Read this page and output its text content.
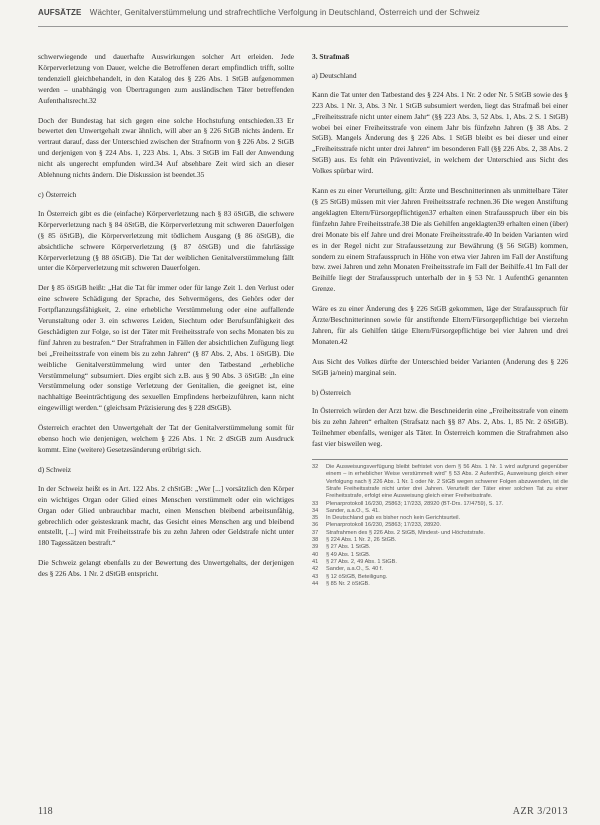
AUFSÄTZE Wächter, Genitalverstümmelung und strafrechtliche Verfolgung in Deutschland, Österreich und der Schweiz

schwerwiegende und dauerhafte Auswirkungen solcher Art erleiden. Jede Körperverletzung von Dauer, welche die Betroffenen derart empfindlich trifft, sollte tendenziell gleichbehandelt, in den Katalog des § 226 Abs. 1 StGB aufgenommen werden – unabhängig von Übertragungen zum ausländischen Täter betreffenden Aufenthaltsrecht.32

Doch der Bundestag hat sich gegen eine solche Hochstufung entschieden.33 Er bewertet den Unwertgehalt zwar ähnlich, will aber an § 226 StGB nichts ändern. Er vertraut darauf, dass der Unterschied zwischen der Strafnorm von § 226 Abs. 2 StGB und derjenigen von § 224 Abs. 1, 223 Abs. 1, Abs. 3 StGB im Fall der Anwendung nicht als ungerecht empfunden wird.34 Auf absehbare Zeit wird sich an dieser Ablehnung nichts ändern. Die Diskussion ist beendet.35

c) Österreich

In Österreich gibt es die (einfache) Körperverletzung nach § 83 öStGB, die schwere Körperverletzung nach § 84 öStGB, die Körperverletzung mit schweren Dauerfolgen (§ 85 öStGB), die Körperverletzung mit tödlichem Ausgang (§ 86 öStGB), die absichtliche schwere Körperverletzung (§ 87 öStGB) und die fahrlässige Körperverletzung (§ 88 öStGB). Die Tat der weiblichen Genitalverstümmelung fällt unter die Körperverletzung mit schweren Dauerfolgen.

Der § 85 öStGB heißt: „Hat die Tat für immer oder für lange Zeit 1. den Verlust oder eine schwere Schädigung der Sprache, des Sehvermögens, des Gehörs oder der Fortpflanzungsfähigkeit, 2. eine erhebliche Verstümmelung oder eine auffallende Verunstaltung oder 3. ein schweres Leiden, Siechtum oder Berufsunfähigkeit des Geschädigten zur Folge, so ist der Täter mit Freiheitsstrafe von sechs Monaten bis zu fünf Jahren zu bestrafen.“ Der Strafrahmen in Fällen der absichtlichen Zufügung liegt bei „Freiheitsstrafe von einem bis zu zehn Jahren“ (§ 87 Abs. 2, Abs. 1 öStGB). Die weibliche Genitalverstümmelung wird unter den Tatbestand „erhebliche Verstümmelung“ subsumiert. Dies ergibt sich z.B. aus § 90 Abs. 3 öStGB: „In eine Verstümmelung oder sonstige Verletzung der Genitalien, die geeignet ist, eine nachhaltige Beeinträchtigung des sexuellen Empfindens herbeizuführen, kann nicht eingewilligt werden.“ (gleichsam Präzisierung des § 228 dStGB).

Österreich erachtet den Unwertgehalt der Tat der Genitalverstümmelung somit für ebenso hoch wie denjenigen, welchem § 226 Abs. 1 Nr. 2 dStGB zum Ausdruck kommt. Eine (weitere) Gesetzesänderung erübrigt sich.

d) Schweiz

In der Schweiz heißt es in Art. 122 Abs. 2 chStGB: „Wer [...] vorsätzlich den Körper ein wichtiges Organ oder Glied eines Menschen verstümmelt oder ein wichtiges Organ oder Glied unbrauchbar macht, einen Menschen bleibend arbeitsunfähig, gebrechlich oder geisteskrank macht, das Gesicht eines Menschen arg und bleibend entstellt, [...] wird mit Freiheitsstrafe bis zu zehn Jahren oder Geldstrafe nicht unter 180 Tagessätzen bestraft.“

Die Schweiz gelangt ebenfalls zu der Bewertung des Unwertgehalts, der derjenigen des § 226 Abs. 1 Nr. 2 dStGB entspricht.

3. Strafmaß
a) Deutschland

Kann die Tat unter den Tatbestand des § 224 Abs. 1 Nr. 2 oder Nr. 5 StGB sowie des § 223 Abs. 1 Nr. 3, Abs. 3 Nr. 1 StGB subsumiert werden, liegt das Strafmaß bei einer „Freiheitsstrafe nicht unter einem Jahr“ (§§ 223 Abs. 3, 52 Abs. 1, Abs. 2 S. 1 StGB) wobei bei einer Freiheitsstrafe von einem Jahr bis fünfzehn Jahren (§ 38 Abs. 2 StGB). Mangels Änderung des § 226 Abs. 1 StGB bleibt es bei dieser und einer „Freiheitsstrafe nicht unter drei Jahren“ im besonderen Fall (§§ 226 Abs. 2, 38 Abs. 2 StGB) aus. Es fehlt ein Präventivziel, in welchem der Unterschied aus Sicht des Volkes spürbar wird.

Kann es zu einer Verurteilung, gilt: Ärzte und Beschnitterinnen als unmittelbare Täter (§ 25 StGB) müssen mit vier Jahren Freiheitsstrafe rechnen.36 Die wegen Anstiftung angeklagten Eltern/Fürsorgepflichtigen37 erhalten einen Strafausspruch über ein bis fünfzehn Jahre Freiheitsstrafe.38 Die als Gehilfen angeklagten39 erhalten einen (über) drei Monate bis elf Jahre und drei Monate Freiheitsstrafe.40 In beiden Varianten wird es in der Regel nicht zur Strafaussetzung zur Bewährung (§ 56 StGB) kommen, sondern zu einem Strafausspruch in Höhe von etwa vier Jahren im Fall der Anstiftung bzw. zwei Jahren und zehn Monaten Freiheitsstrafe im Fall der Beihilfe.41 Im Fall der Beihilfe liegt der Strafausspruch unterhalb der in § 53 Nr. 1 AufenthG genannten Grenze.

Wäre es zu einer Änderung des § 226 StGB gekommen, läge der Strafausspruch für Ärzte/Beschnitterinnen sowie für anstiftende Eltern/Fürsorgepflichtige bei vierzehn Jahren, für als Gehilfen tätige Eltern/Fürsorgepflichtige bei vier Jahren und drei Monaten.42

Aus Sicht des Volkes dürfte der Unterschied beider Varianten (Änderung des § 226 StGB ja/nein) marginal sein.

b) Österreich

In Österreich würden der Arzt bzw. die Beschneiderin eine „Freiheitsstrafe von einem bis zu zehn Jahren“ erhalten (Strafsatz nach §§ 87 Abs. 2, Abs. 1, 85 Nr. 2 öStGB). Teilnehmer ebenfalls, weniger als Täter. In Österreich kommen die Strafrahmen also fast vier bisweilen weg.

32	Die Ausweisungsverfügung bleibt befristet von dem § 56 Abs. 1 Nr. 1 wird aufgrund gegenüber einem – in erheblicher Weise verstümmelt wird“ § 53 Abs. 2 AufenthG, Ausweisung gleich einer Verfolgung nach § 226 Abs. 1 Nr. 1 oder Nr. 2 StGB wegen schwerer Folgen abzuwenden, ist die Strafe Freiheitsstrafe nicht unter drei Jahren. Verurteilt der Täter einer solchen Tat zu einer Freiheitsstrafe, erfolgt eine Ausweisung gleich einer Freiheitsstrafe.
33	Plenarprotokoll 16/230, 25863; 17/233, 28920 (BT-Drs. 17/4759), S. 17.
34	Sander, a.a.O., S. 41.
35	In Deutschland gab es bisher noch kein Gerichtsurteil.
36	Plenarprotokoll 16/230, 25863; 17/233, 28920.
37	Strafrahmen des § 226 Abs. 2 StGB, Mindest- und Höchststrafe.
38	§ 224 Abs. 1 Nr. 2, 26 StGB.
39	§ 27 Abs. 1 StGB.
40	§ 49 Abs. 1 StGB.
41	§ 27 Abs. 2, 49 Abs. 1 StGB.
42	Sander, a.a.O., S. 40 f.
43	§ 12 öStGB, Beteiligung.
44	§ 85 Nr. 2 öStGB.
118	AZR 3/2013
